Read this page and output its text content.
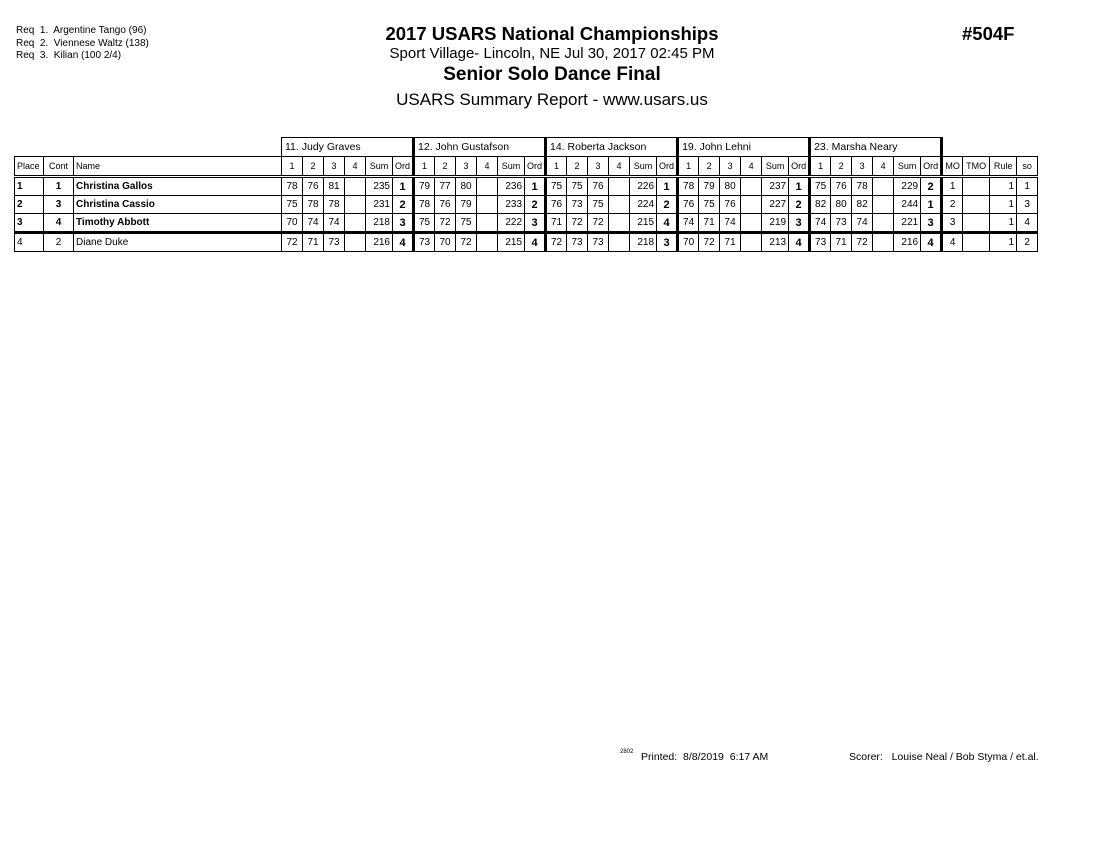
Req  1.  Argentine Tango (96)
Req  2.  Viennese Waltz (138)
Req  3.  Kilian (100 2/4)
2017 USARS National Championships
Sport Village- Lincoln, NE Jul 30, 2017 02:45 PM
Senior Solo Dance Final
USARS Summary Report - www.usars.us
#504F
			11. Judy Graves						12. John Gustafson						14. Roberta Jackson						19. John Lehni						23. Marsha Neary									
Place	Cont	Name	1	2	3	4	Sum	Ord	1	2	3	4	Sum	Ord	1	2	3	4	Sum	Ord	1	2	3	4	Sum	Ord	1	2	3	4	Sum	Ord	MO	TMO	Rule	so
1	1	Christina Gallos	78	76	81		235	1	79	77	80		236	1	75	75	76		226	1	78	79	80		237	1	75	76	78		229	2	1		1	1
2	3	Christina Cassio	75	78	78		231	2	78	76	79		233	2	76	73	75		224	2	76	75	76		227	2	82	80	82		244	1	2		1	3
3	4	Timothy Abbott	70	74	74		218	3	75	72	75		222	3	71	72	72		215	4	74	71	74		219	3	74	73	74		221	3	3		1	4
4	2	Diane Duke	72	71	73		216	4	73	70	72		215	4	72	73	73		218	3	70	72	71		213	4	73	71	72		216	4	4		1	2
2802 Printed:  8/8/2019  6:17 AM	Scorer:   Louise Neal / Bob Styma / et.al.
